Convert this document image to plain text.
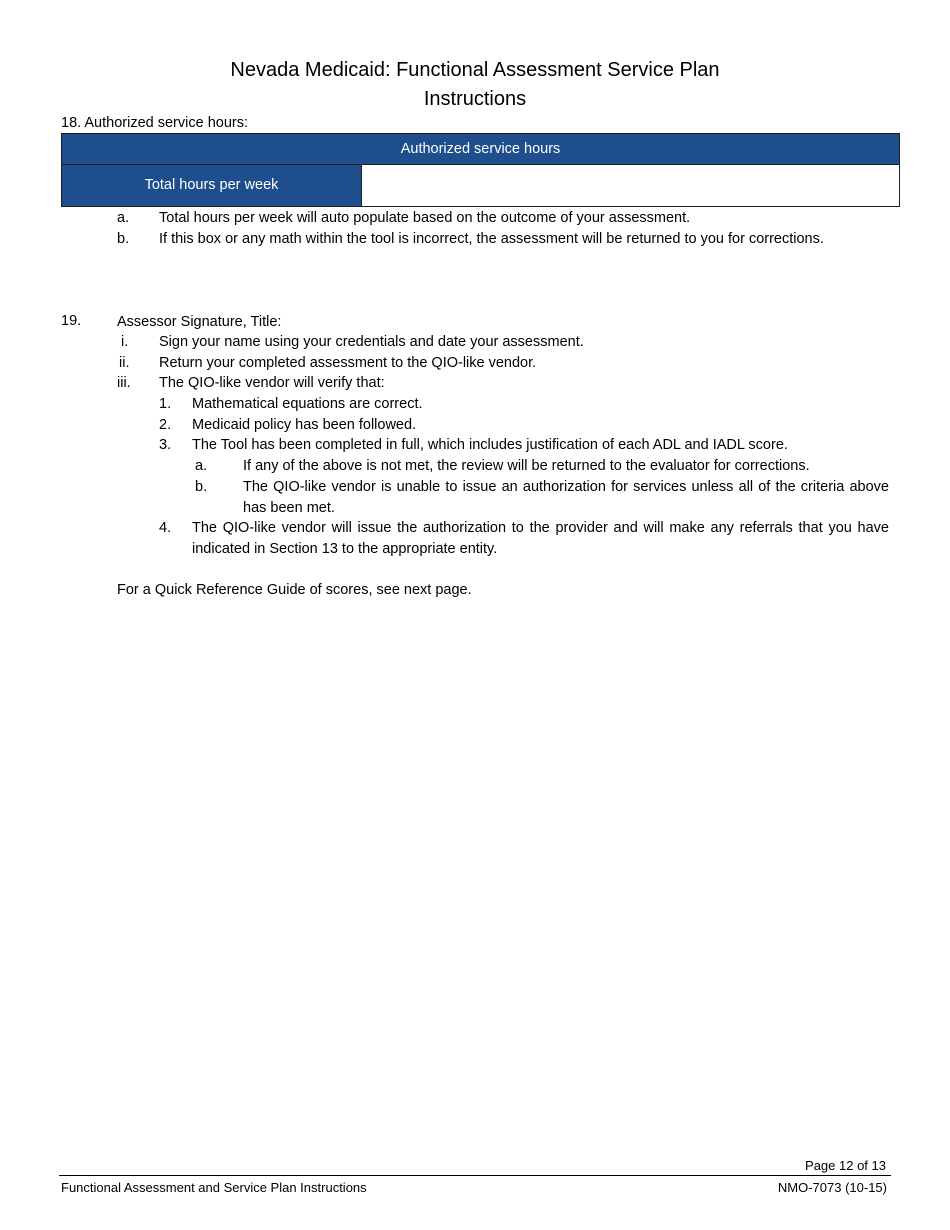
Nevada Medicaid: Functional Assessment Service Plan
Instructions
18. Authorized service hours:
Authorized service hours
Total hours per week
a. Total hours per week will auto populate based on the outcome of your assessment.
b. If this box or any math within the tool is incorrect, the assessment will be returned to you for corrections.
19. Assessor Signature, Title:
i. Sign your name using your credentials and date your assessment.
ii. Return your completed assessment to the QIO-like vendor.
iii. The QIO-like vendor will verify that:
1. Mathematical equations are correct.
2. Medicaid policy has been followed.
3. The Tool has been completed in full, which includes justification of each ADL and IADL score.
a. If any of the above is not met, the review will be returned to the evaluator for corrections.
b. The QIO-like vendor is unable to issue an authorization for services unless all of the criteria above has been met.
4. The QIO-like vendor will issue the authorization to the provider and will make any referrals that you have indicated in Section 13 to the appropriate entity.
For a Quick Reference Guide of scores, see next page.
Page 12 of 13
Functional Assessment and Service Plan Instructions	NMO-7073 (10-15)
